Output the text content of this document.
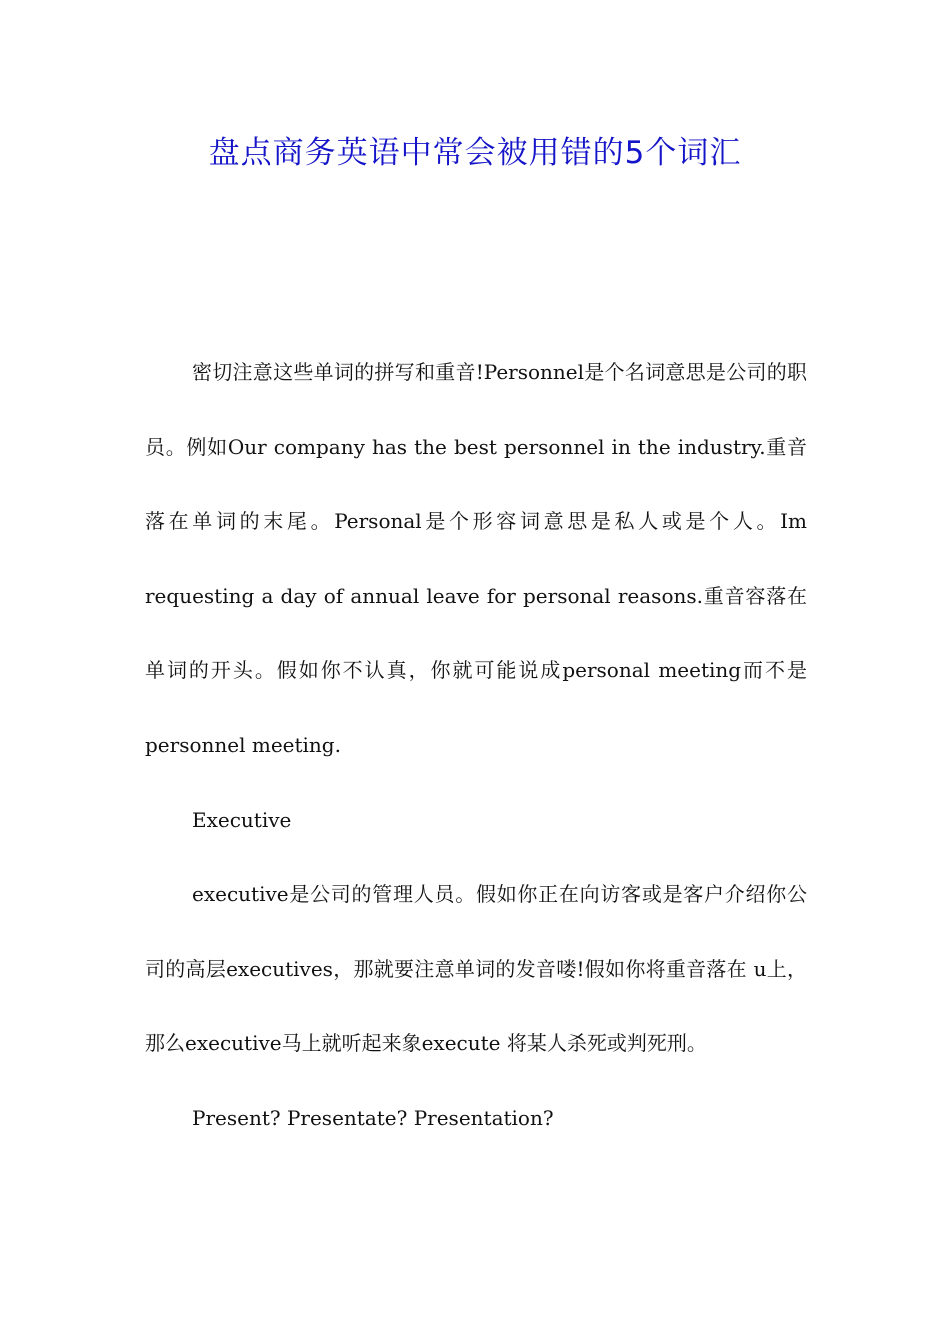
盘点商务英语中常会被用错的5个词汇

密切注意这些单词的拼写和重音!Personnel是个名词意思是公司的职员。例如Our company has the best personnel in the industry.重音落在单词的末尾。Personal是个形容词意思是私人或是个人。Im requesting a day of annual leave for personal reasons.重音容落在单词的开头。假如你不认真，你就可能说成personal meeting而不是personnel meeting.

Executive

executive是公司的管理人员。假如你正在向访客或是客户介绍你公司的高层executives，那就要注意单词的发音喽!假如你将重音落在 u上，那么executive马上就听起来象execute 将某人杀死或判死刑。

Present? Presentate? Presentation?
